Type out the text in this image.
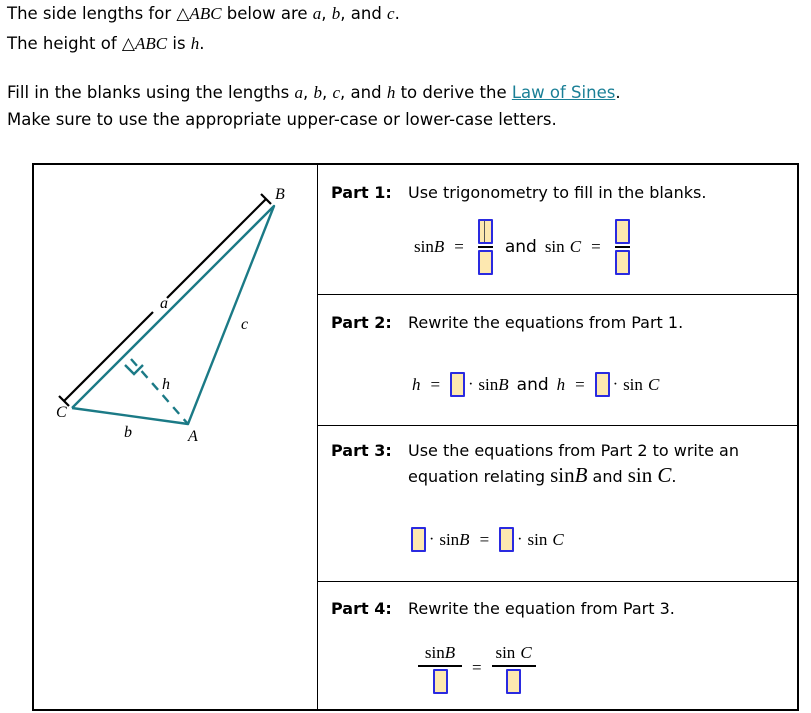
The side lengths for △ABC below are a, b, and c.
The height of △ABC is h.
Fill in the blanks using the lengths a, b, c, and h to derive the Law of Sines.
Make sure to use the appropriate upper-case or lower-case letters.
B
C
A
a
b
c
h
Part 1: Use trigonometry to fill in the blanks.
sin B = and sin
C =
Part 2: Rewrite the equations from Part 1.
h = · sin B and h = · sin
C
Part 3: Use the equations from Part 2 to write an
equation relating sinB and sin C.
· sin B = · sin
C
Part 4: Rewrite the equation from Part 3.
sinB
=
sin C
